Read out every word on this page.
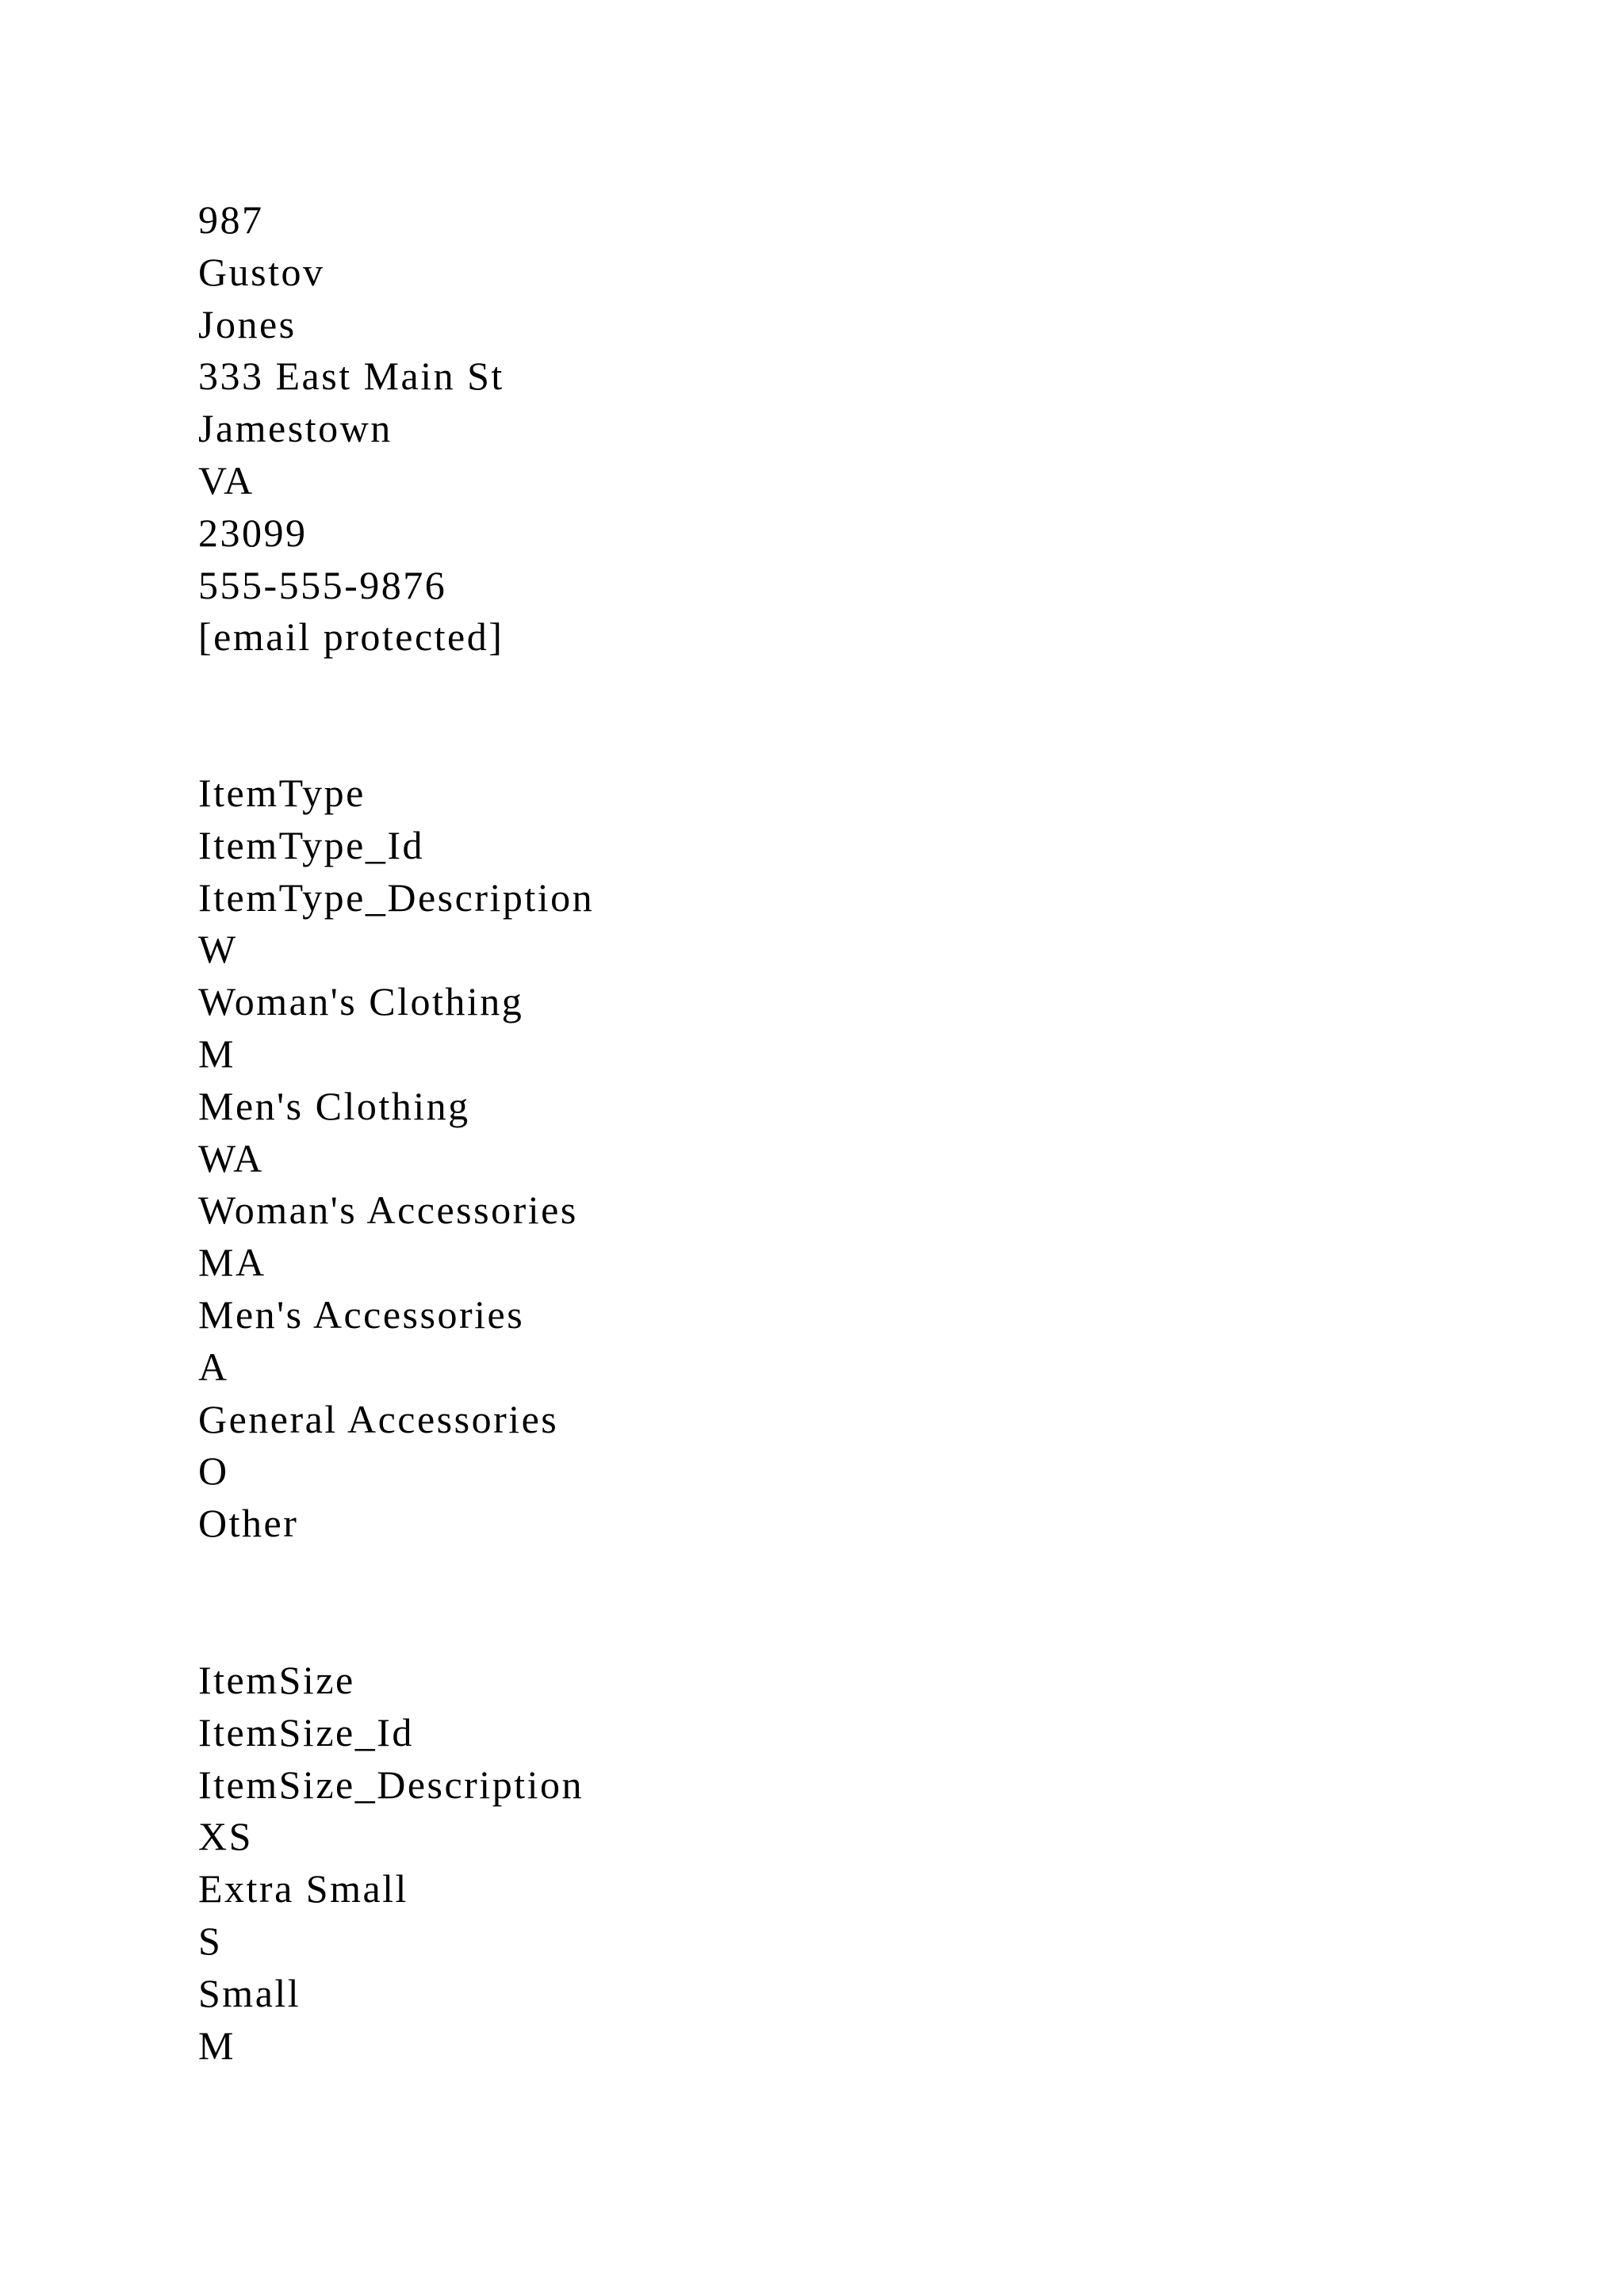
987
Gustov
Jones
333 East Main St
Jamestown
VA
23099
555-555-9876
[email protected]
ItemType
ItemType_Id
ItemType_Description
W
Woman's Clothing
M
Men's Clothing
WA
Woman's Accessories
MA
Men's Accessories
A
General Accessories
O
Other
ItemSize
ItemSize_Id
ItemSize_Description
XS
Extra Small
S
Small
M
